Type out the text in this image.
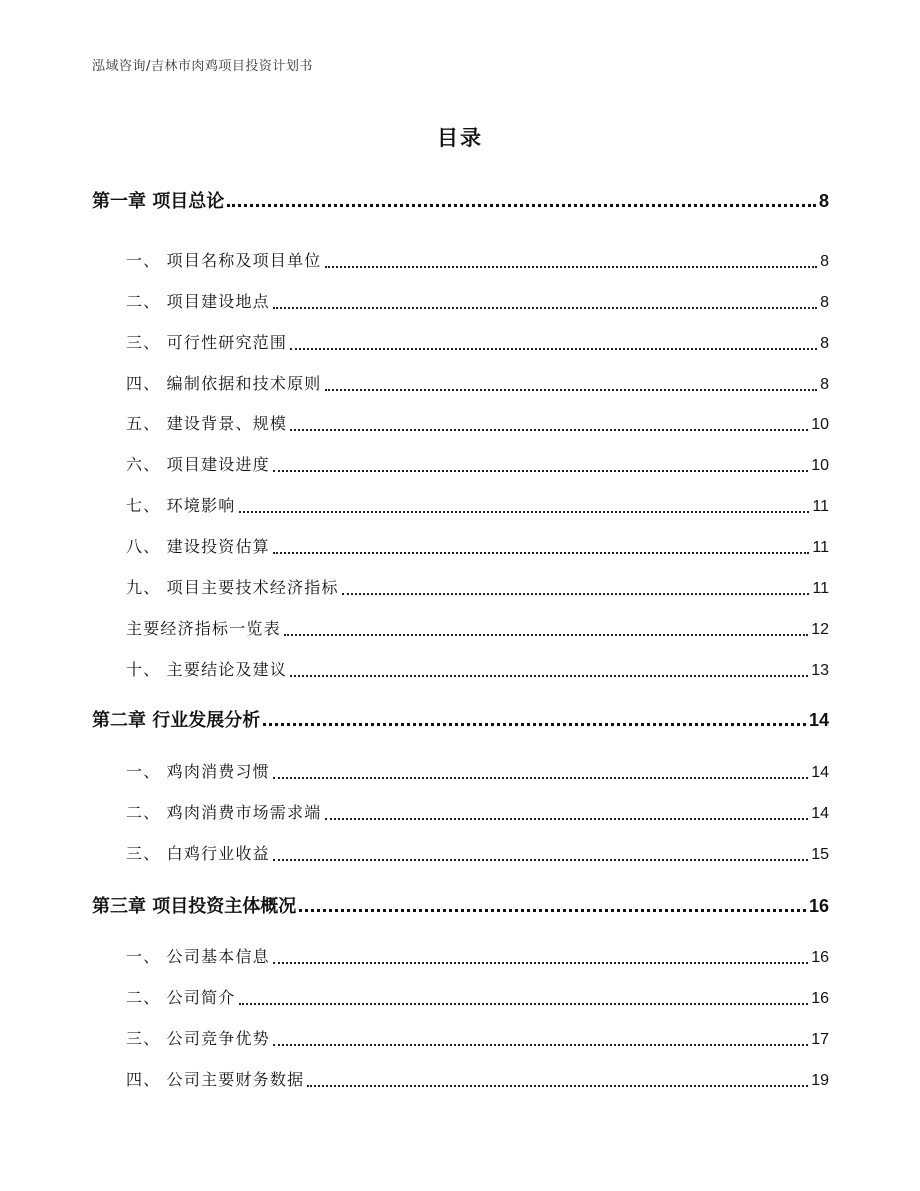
泓域咨询/吉林市肉鸡项目投资计划书
目录
第一章 项目总论	8
一、 项目名称及项目单位	8
二、 项目建设地点	8
三、 可行性研究范围	8
四、 编制依据和技术原则	8
五、 建设背景、规模	10
六、 项目建设进度	10
七、 环境影响	11
八、 建设投资估算	11
九、 项目主要技术经济指标	11
主要经济指标一览表	12
十、 主要结论及建议	13
第二章 行业发展分析	14
一、 鸡肉消费习惯	14
二、 鸡肉消费市场需求端	14
三、 白鸡行业收益	15
第三章 项目投资主体概况	16
一、 公司基本信息	16
二、 公司简介	16
三、 公司竞争优势	17
四、 公司主要财务数据	19
